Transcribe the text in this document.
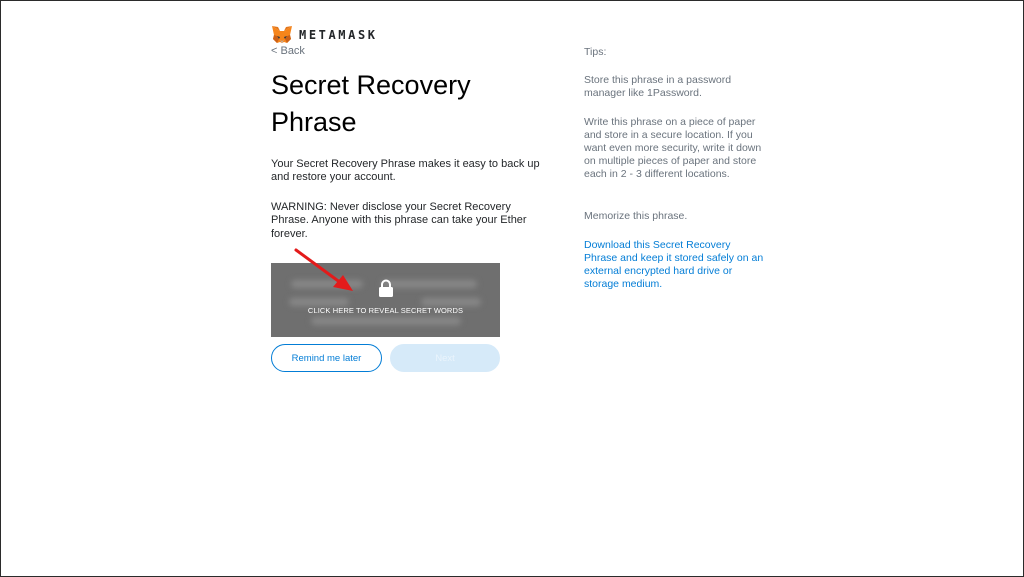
METAMASK
< Back
Secret Recovery Phrase

Your Secret Recovery Phrase makes it easy to back up and restore your account.

WARNING: Never disclose your Secret Recovery Phrase. Anyone with this phrase can take your Ether forever.

CLICK HERE TO REVEAL SECRET WORDS
Remind me later	Next

Tips:

Store this phrase in a password manager like 1Password.

Write this phrase on a piece of paper and store in a secure location. If you want even more security, write it down on multiple pieces of paper and store each in 2 - 3 different locations.

Memorize this phrase.

Download this Secret Recovery Phrase and keep it stored safely on an external encrypted hard drive or storage medium.
